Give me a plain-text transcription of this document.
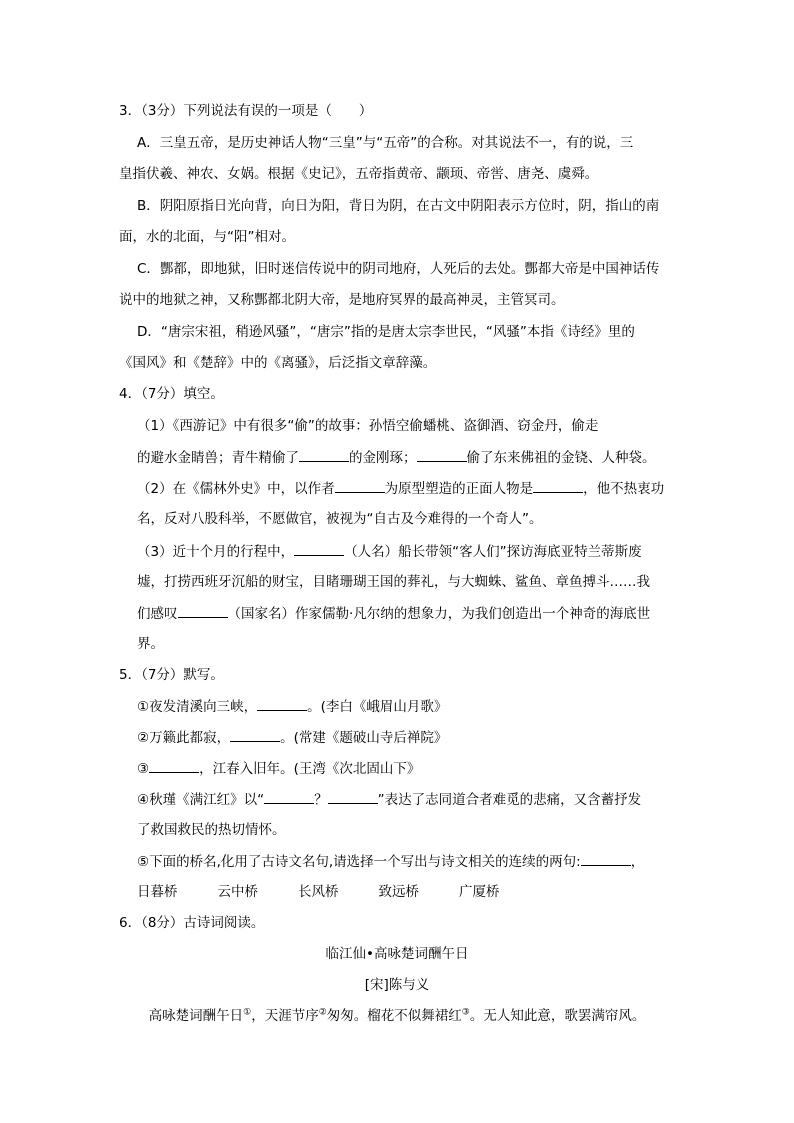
3．（3分）下列说法有误的一项是（　　）
A．三皇五帝，是历史神话人物“三皇”与“五帝”的合称。对其说法不一，有的说，三
皇指伏羲、神农、女娲。根据《史记》，五帝指黄帝、颛顼、帝喾、唐尧、虞舜。
B．阴阳原指日光向背，向日为阳，背日为阴，在古文中阴阳表示方位时，阴，指山的南
面，水的北面，与“阳”相对。
C．酆都，即地狱，旧时迷信传说中的阴司地府，人死后的去处。酆都大帝是中国神话传
说中的地狱之神，又称酆都北阴大帝，是地府冥界的最高神灵，主管冥司。
D．“唐宗宋祖，稍逊风骚”，“唐宗”指的是唐太宗李世民，“风骚”本指《诗经》里的
《国风》和《楚辞》中的《离骚》，后泛指文章辞藻。
4．（7分）填空。
（1）《西游记》中有很多“偷”的故事：孙悟空偷蟠桃、盗御酒、窃金丹，偷走
的避水金睛兽；青牛精偷了	的金刚琢；	偷了东来佛祖的金铙、人种袋。
（2）在《儒林外史》中，以作者	为原型塑造的正面人物是	，他不热衷功
名，反对八股科举，不愿做官，被视为“自古及今难得的一个奇人”。
（3）近十个月的行程中，	（人名）船长带领“客人们”探访海底亚特兰蒂斯废
墟，打捞西班牙沉船的财宝，目睹珊瑚王国的葬礼，与大蜘蛛、鲨鱼、章鱼搏斗……我
们感叹	（国家名）作家儒勒·凡尔纳的想象力，为我们创造出一个神奇的海底世
界。
5．（7分）默写。
①夜发清溪向三峡，	。(李白《峨眉山月歌》
②万籁此都寂，	。(常建《题破山寺后禅院》
③	，江春入旧年。(王湾《次北固山下》
④秋瑾《满江红》以“	？	”表达了志同道合者难觅的悲痛，又含蓄抒发
了救国救民的热切情怀。
⑤下面的桥名,化用了古诗文名句,请选择一个写出与诗文相关的连续的两句:	，
日暮桥	云中桥	长风桥	致远桥	广厦桥
6．（8分）古诗词阅读。
临江仙•高咏楚词酬午日
[宋]陈与义
高咏楚词酬午日①，天涯节序②匆匆。榴花不似舞裙红③。无人知此意，歌罢满帘风。
